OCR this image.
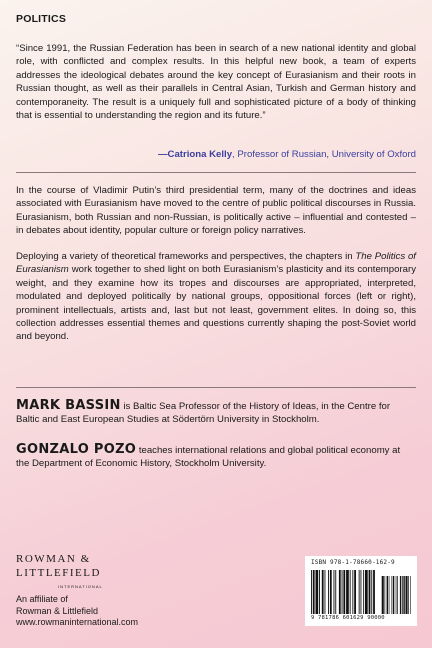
POLITICS
“Since 1991, the Russian Federation has been in search of a new national identity and global role, with conflicted and complex results. In this helpful new book, a team of experts addresses the ideological debates around the key concept of Eurasianism and their roots in Russian thought, as well as their parallels in Central Asian, Turkish and German history and contemporaneity. The result is a uniquely full and sophisticated picture of a body of thinking that is essential to understanding the region and its future.”
—Catriona Kelly, Professor of Russian, University of Oxford
In the course of Vladimir Putin’s third presidential term, many of the doctrines and ideas associated with Eurasianism have moved to the centre of public political discourses in Russia. Eurasianism, both Russian and non-Russian, is politically active – influential and contested – in debates about identity, popular culture or foreign policy narratives.
Deploying a variety of theoretical frameworks and perspectives, the chapters in The Politics of Eurasianism work together to shed light on both Eurasianism’s plasticity and its contemporary weight, and they examine how its tropes and discourses are appropriated, interpreted, modulated and deployed politically by national groups, oppositional forces (left or right), prominent intellectuals, artists and, last but not least, government elites. In doing so, this collection addresses essential themes and questions currently shaping the post-Soviet world and beyond.
MARK BASSIN is Baltic Sea Professor of the History of Ideas, in the Centre for Baltic and East European Studies at Södertörn University in Stockholm.
GONZALO POZO teaches international relations and global political economy at the Department of Economic History, Stockholm University.
ROWMAN &
LITTLEFIELD
INTERNATIONAL
An affiliate of
Rowman & Littlefield
www.rowmaninternational.com
ISBN 978-1-78660-162-9
9 781786 601629 90000
